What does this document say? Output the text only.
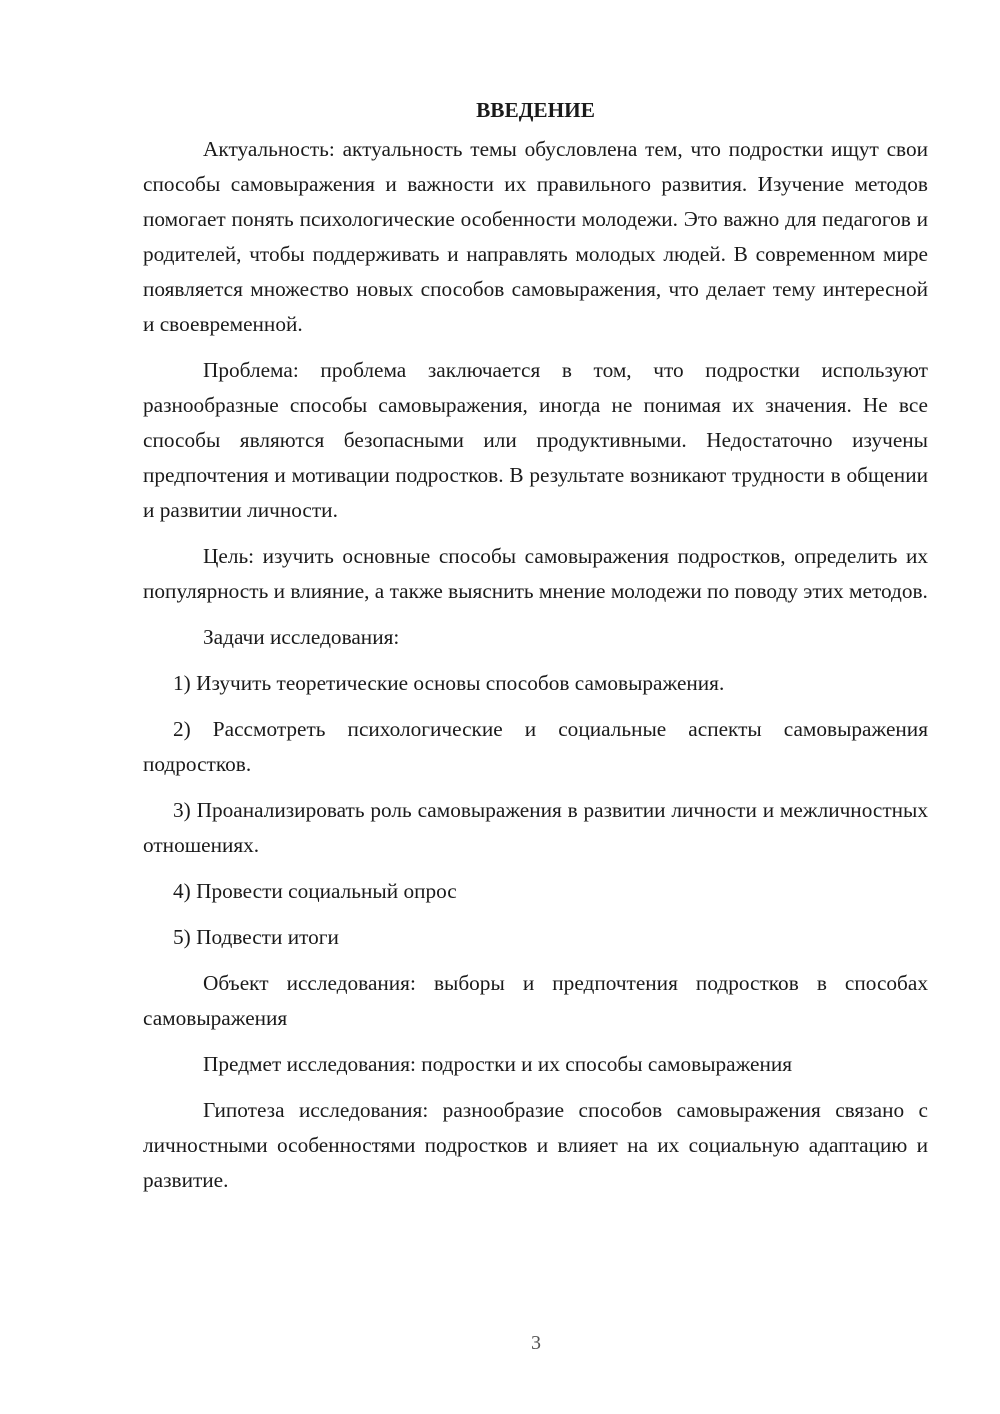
ВВЕДЕНИЕ

Актуальность: актуальность темы обусловлена тем, что подростки ищут свои способы самовыражения и важности их правильного развития. Изучение методов помогает понять психологические особенности молодежи. Это важно для педагогов и родителей, чтобы поддерживать и направлять молодых людей. В современном мире появляется множество новых способов самовыражения, что делает тему интересной и своевременной.

Проблема: проблема заключается в том, что подростки используют разнообразные способы самовыражения, иногда не понимая их значения. Не все способы являются безопасными или продуктивными. Недостаточно изучены предпочтения и мотивации подростков. В результате возникают трудности в общении и развитии личности.

Цель: изучить основные способы самовыражения подростков, определить их популярность и влияние, а также выяснить мнение молодежи по поводу этих методов.

Задачи исследования:

1) Изучить теоретические основы способов самовыражения.

2) Рассмотреть психологические и социальные аспекты самовыражения подростков.

3) Проанализировать роль самовыражения в развитии личности и межличностных отношениях.

4) Провести социальный опрос

5) Подвести итоги

Объект исследования: выборы и предпочтения подростков в способах самовыражения

Предмет исследования: подростки и их способы самовыражения

Гипотеза исследования: разнообразие способов самовыражения связано с личностными особенностями подростков и влияет на их социальную адаптацию и развитие.

3
